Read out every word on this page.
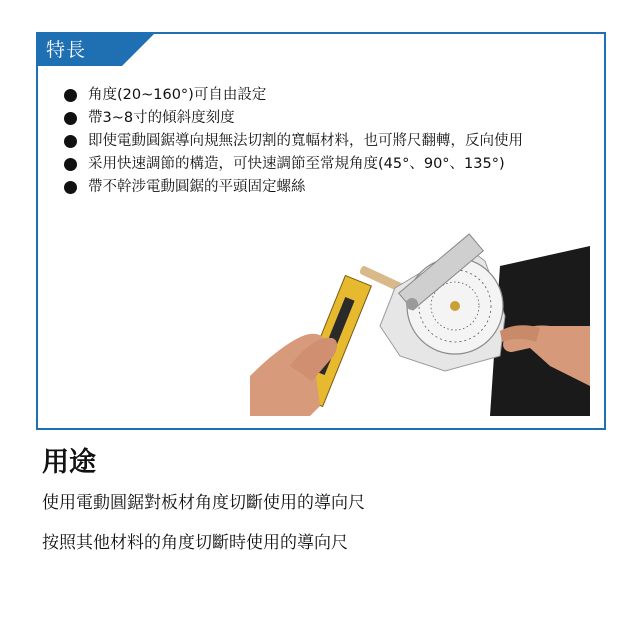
特長
角度(20~160°)可自由設定
帶3~8寸的傾斜度刻度
即使電動圓鋸導向規無法切割的寬幅材料，也可將尺翻轉，反向使用
采用快速調節的構造，可快速調節至常規角度(45°、90°、135°)
帶不幹涉電動圓鋸的平頭固定螺絲
用途
使用電動圓鋸對板材角度切斷使用的導向尺
按照其他材料的角度切斷時使用的導向尺
